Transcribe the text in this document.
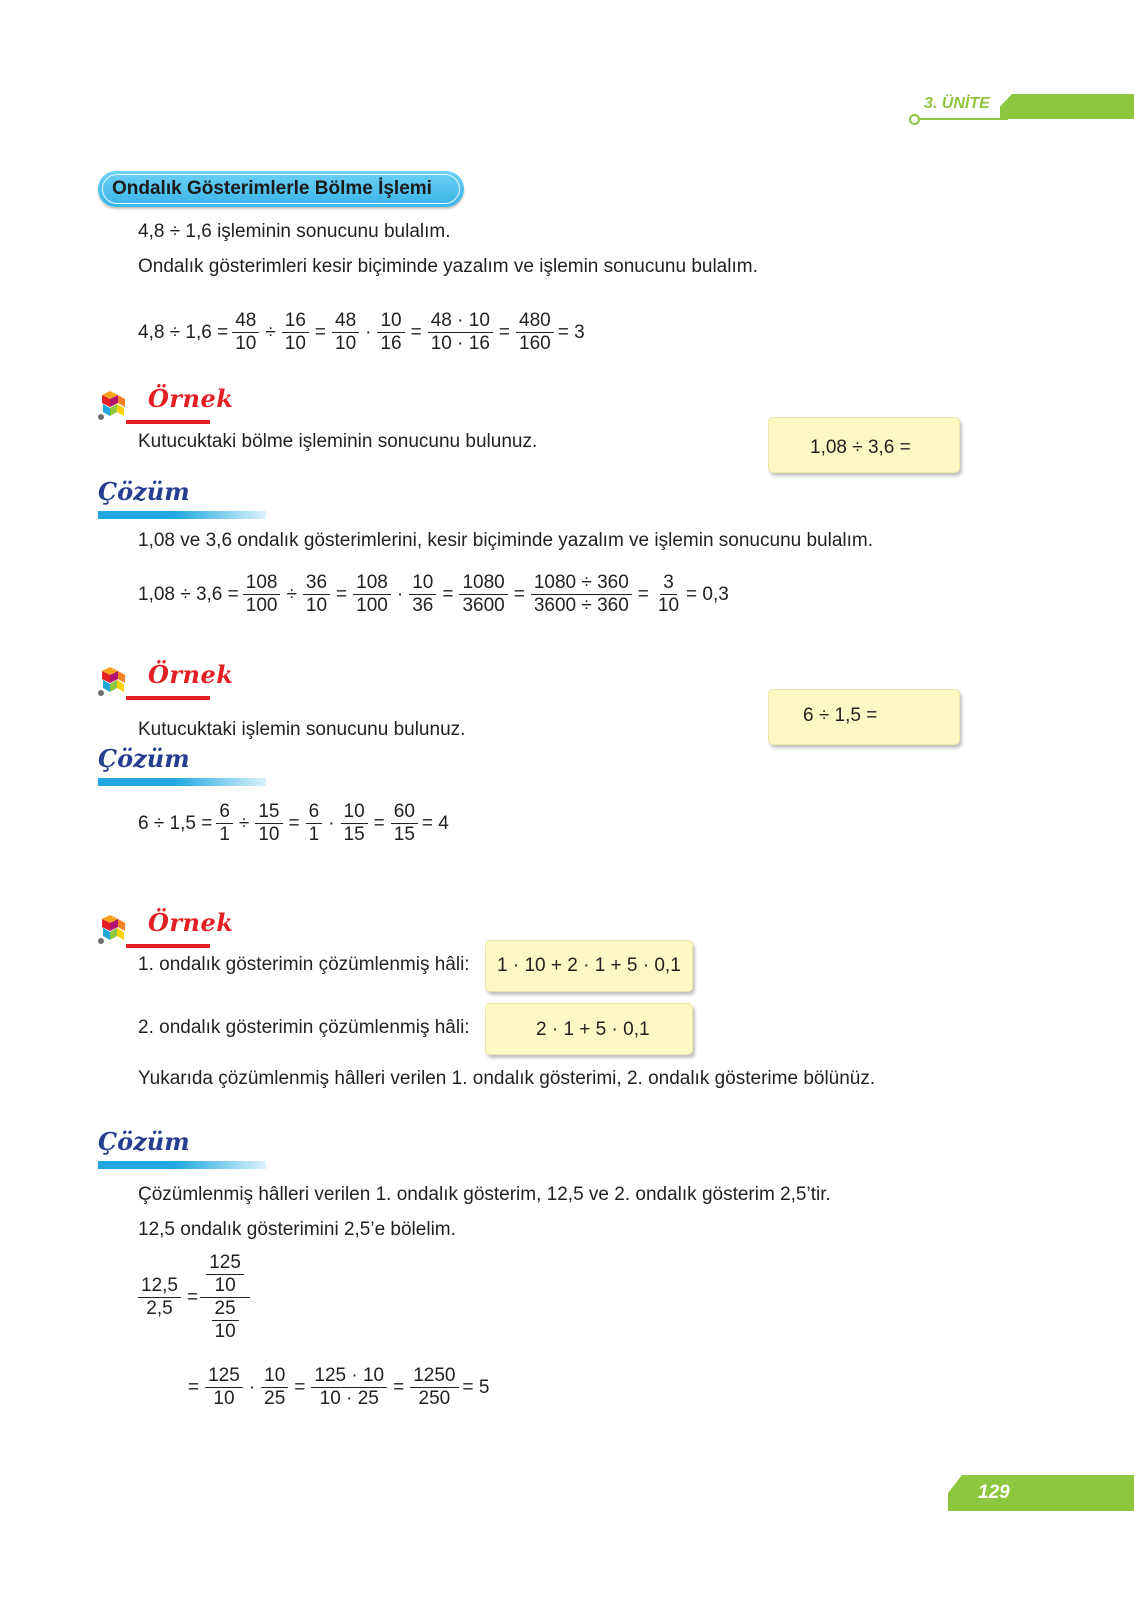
3. ÜNİTE
Ondalık Gösterimlerle Bölme İşlemi
4,8 ÷ 1,6 işleminin sonucunu bulalım.
Ondalık gösterimleri kesir biçiminde yazalım ve işlemin sonucunu bulalım.
$4,8 \div 1,6 = \frac{48}{10} \div \frac{16}{10} = \frac{48}{10} \cdot \frac{10}{16} = \frac{48 \cdot 10}{10 \cdot 16} = \frac{480}{160} = 3$
Örnek
Kutucuktaki bölme işleminin sonucunu bulunuz.	1,08 ÷ 3,6 =
Çözüm
1,08 ve 3,6 ondalık gösterimlerini, kesir biçiminde yazalım ve işlemin sonucunu bulalım.
$1,08 \div 3,6 = \frac{108}{100} \div \frac{36}{10} = \frac{108}{100} \cdot \frac{10}{36} = \frac{1080}{3600} = \frac{1080 \div 360}{3600 \div 360} = \frac{3}{10} = 0,3$
Örnek
Kutucuktaki işlemin sonucunu bulunuz.
6 ÷ 1,5 =
Çözüm
$6 \div 1,5 = \frac{6}{1} \div \frac{15}{10} = \frac{6}{1} \cdot \frac{10}{15} = \frac{60}{15} = 4$
Örnek
1. ondalık gösterimin çözümlenmiş hâli: 1 · 10 + 2 · 1 + 5 · 0,1
2. ondalık gösterimin çözümlenmiş hâli:	2 · 1 + 5 · 0,1
Yukarıda çözümlenmiş hâlleri verilen 1. ondalık gösterimi, 2. ondalık gösterime bölünüz.
Çözüm
Çözümlenmiş hâlleri verilen 1. ondalık gösterim, 12,5 ve 2. ondalık gösterim 2,5’tir.
12,5 ondalık gösterimini 2,5’e bölelim.
$\frac{12,5}{2,5} = \frac{125}{10}$
$\frac{25}{10}$
= $\frac{125}{10} \cdot \frac{10}{25} = \frac{125 \cdot 10}{10 \cdot 25} = \frac{1250}{250} = 5$
129
